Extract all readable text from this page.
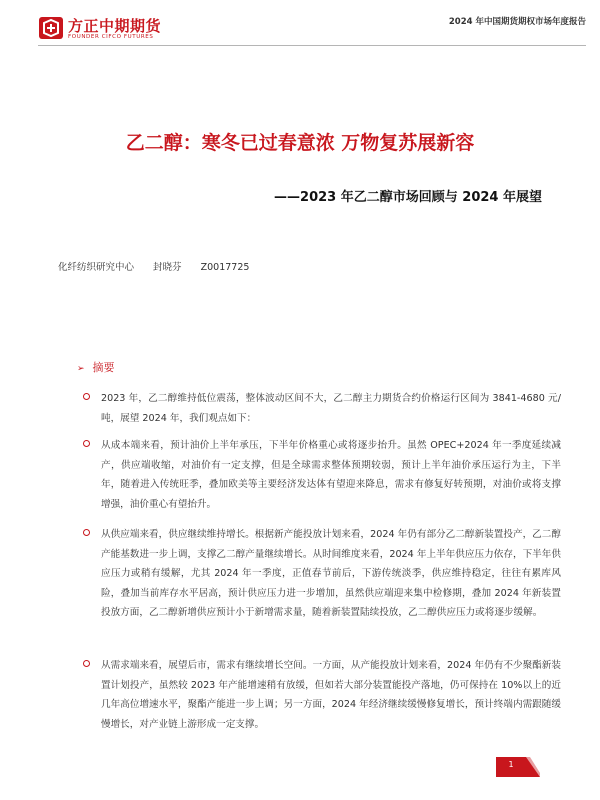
方正中期期货
FOUNDER CIFCO FUTURES
2024 年中国期货期权市场年度报告
乙二醇：寒冬已过春意浓 万物复苏展新容
——2023 年乙二醇市场回顾与 2024 年展望
化纤纺织研究中心 封晓芬 Z0017725
➢ 摘要

2023 年，乙二醇维持低位震荡，整体波动区间不大，乙二醇主力期货合约价格运行区间为 3841-4680 元/吨，展望 2024 年，我们观点如下：

从成本端来看，预计油价上半年承压，下半年价格重心或将逐步抬升。虽然 OPEC+2024 年一季度延续减产，供应端收缩，对油价有一定支撑，但是全球需求整体预期较弱，预计上半年油价承压运行为主，下半年，随着进入传统旺季，叠加欧美等主要经济发达体有望迎来降息，需求有修复好转预期，对油价或将支撑增强，油价重心有望抬升。

从供应端来看，供应继续维持增长。根据新产能投放计划来看，2024 年仍有部分乙二醇新装置投产，乙二醇产能基数进一步上调，支撑乙二醇产量继续增长。从时间维度来看，2024 年上半年供应压力依存，下半年供应压力或稍有缓解，尤其 2024 年一季度，正值春节前后，下游传统淡季，供应维持稳定，往往有累库风险，叠加当前库存水平居高，预计供应压力进一步增加，虽然供应端迎来集中检修期，叠加 2024 年新装置投放方面，乙二醇新增供应预计小于新增需求量，随着新装置陆续投放，乙二醇供应压力或将逐步缓解。

从需求端来看，展望后市，需求有继续增长空间。一方面，从产能投放计划来看，2024 年仍有不少聚酯新装置计划投产，虽然较 2023 年产能增速稍有放缓，但如若大部分装置能投产落地，仍可保持在 10%以上的近几年高位增速水平，聚酯产能进一步上调；另一方面，2024 年经济继续缓慢修复增长，预计终端内需跟随缓慢增长，对产业链上游形成一定支撑。

1
